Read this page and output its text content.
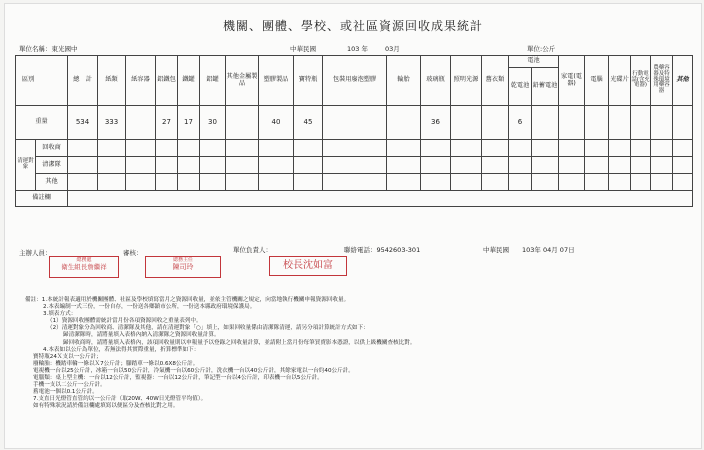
機關、團體、學校、或社區資源回收成果統計
單位名稱：東光國中	中華民國	103 年	03月	單位:公斤
區別		總　計	紙類	紙容器	鋁鐵包	鐵罐	鋁罐	其他金屬製品	塑膠製品	寶特瓶	包裝用廢泡塑膠	輪胎	玻璃瓶	照明光源	舊衣類	電池		家電(電器)	電腦	光碟片	行動電話(含充電器)	農藥容器及特殊環境用藥容器	其他
																乾電池	鉛蓄電池						
重量		534	333		27	17	30		40	45			36			6							
清運對象	回收商																						
	清潔隊																						
	其他																						
備註欄																							
主辦人員：	審核：	單位負責人：	聯絡電話：9542603-301	中華民國　　103年 04月 07日
總務處
衛生組長詹繼祥
總務主任
陳司玲	校長沈如富
備註：1.本統計報表適用於機關團體、社區及學校填寫當月之資源回收量，並依主管機關之規定，向當地執行機關申報資源回收量。
2.本表編制一式三份，一份自存，一份送各鄉鎮市公所，一份送本縣政府環境保護局。
3.填表方式：
（1）資源回收團體需統計當月份各項資源回收之重量表列中。
（2）清運對象分為回收商、清潔隊及其他，請在清運對象「○」填上，如果回收量係由清潔隊清運，請另分項計算統計方式如下：
歸清潔隊時，請將量填入表格內納入清潔隊之資源回收量計算。
歸回收商時，請將量填入表格內，該項回收量則以申報量予以登錄之回收量計算，並請附上當月份每筆買賣影本憑證，以供上級機關查核比對。
4.本表如以公斤為單位，若無法得其實際重量，折算標準如下：
寶特瓶24Ｘ支以一公斤計；
廢輪胎：機踏車輪一條以Ｘ7公斤計；腳踏車一條以0.6X8公斤計。
電視機一台以25公斤計，冰箱一台以50公斤計，冷氣機一台以60公斤計，洗衣機一台以40公斤計，其餘家電以一台約40公斤計。
電腦類：桌上型主機：一台以12公斤計，監視器：一台以12公斤計，筆記型一台以4公斤計，印表機一台以5公斤計。
手機一支以二公斤一公斤計。
舊電池一個以0.1公斤計。
7.支直日光燈管直管約以一公斤計（取20W、40W日光燈管平均值）。
如有特殊狀況請於備註欄處填寫以便區分及查核比對之用。
